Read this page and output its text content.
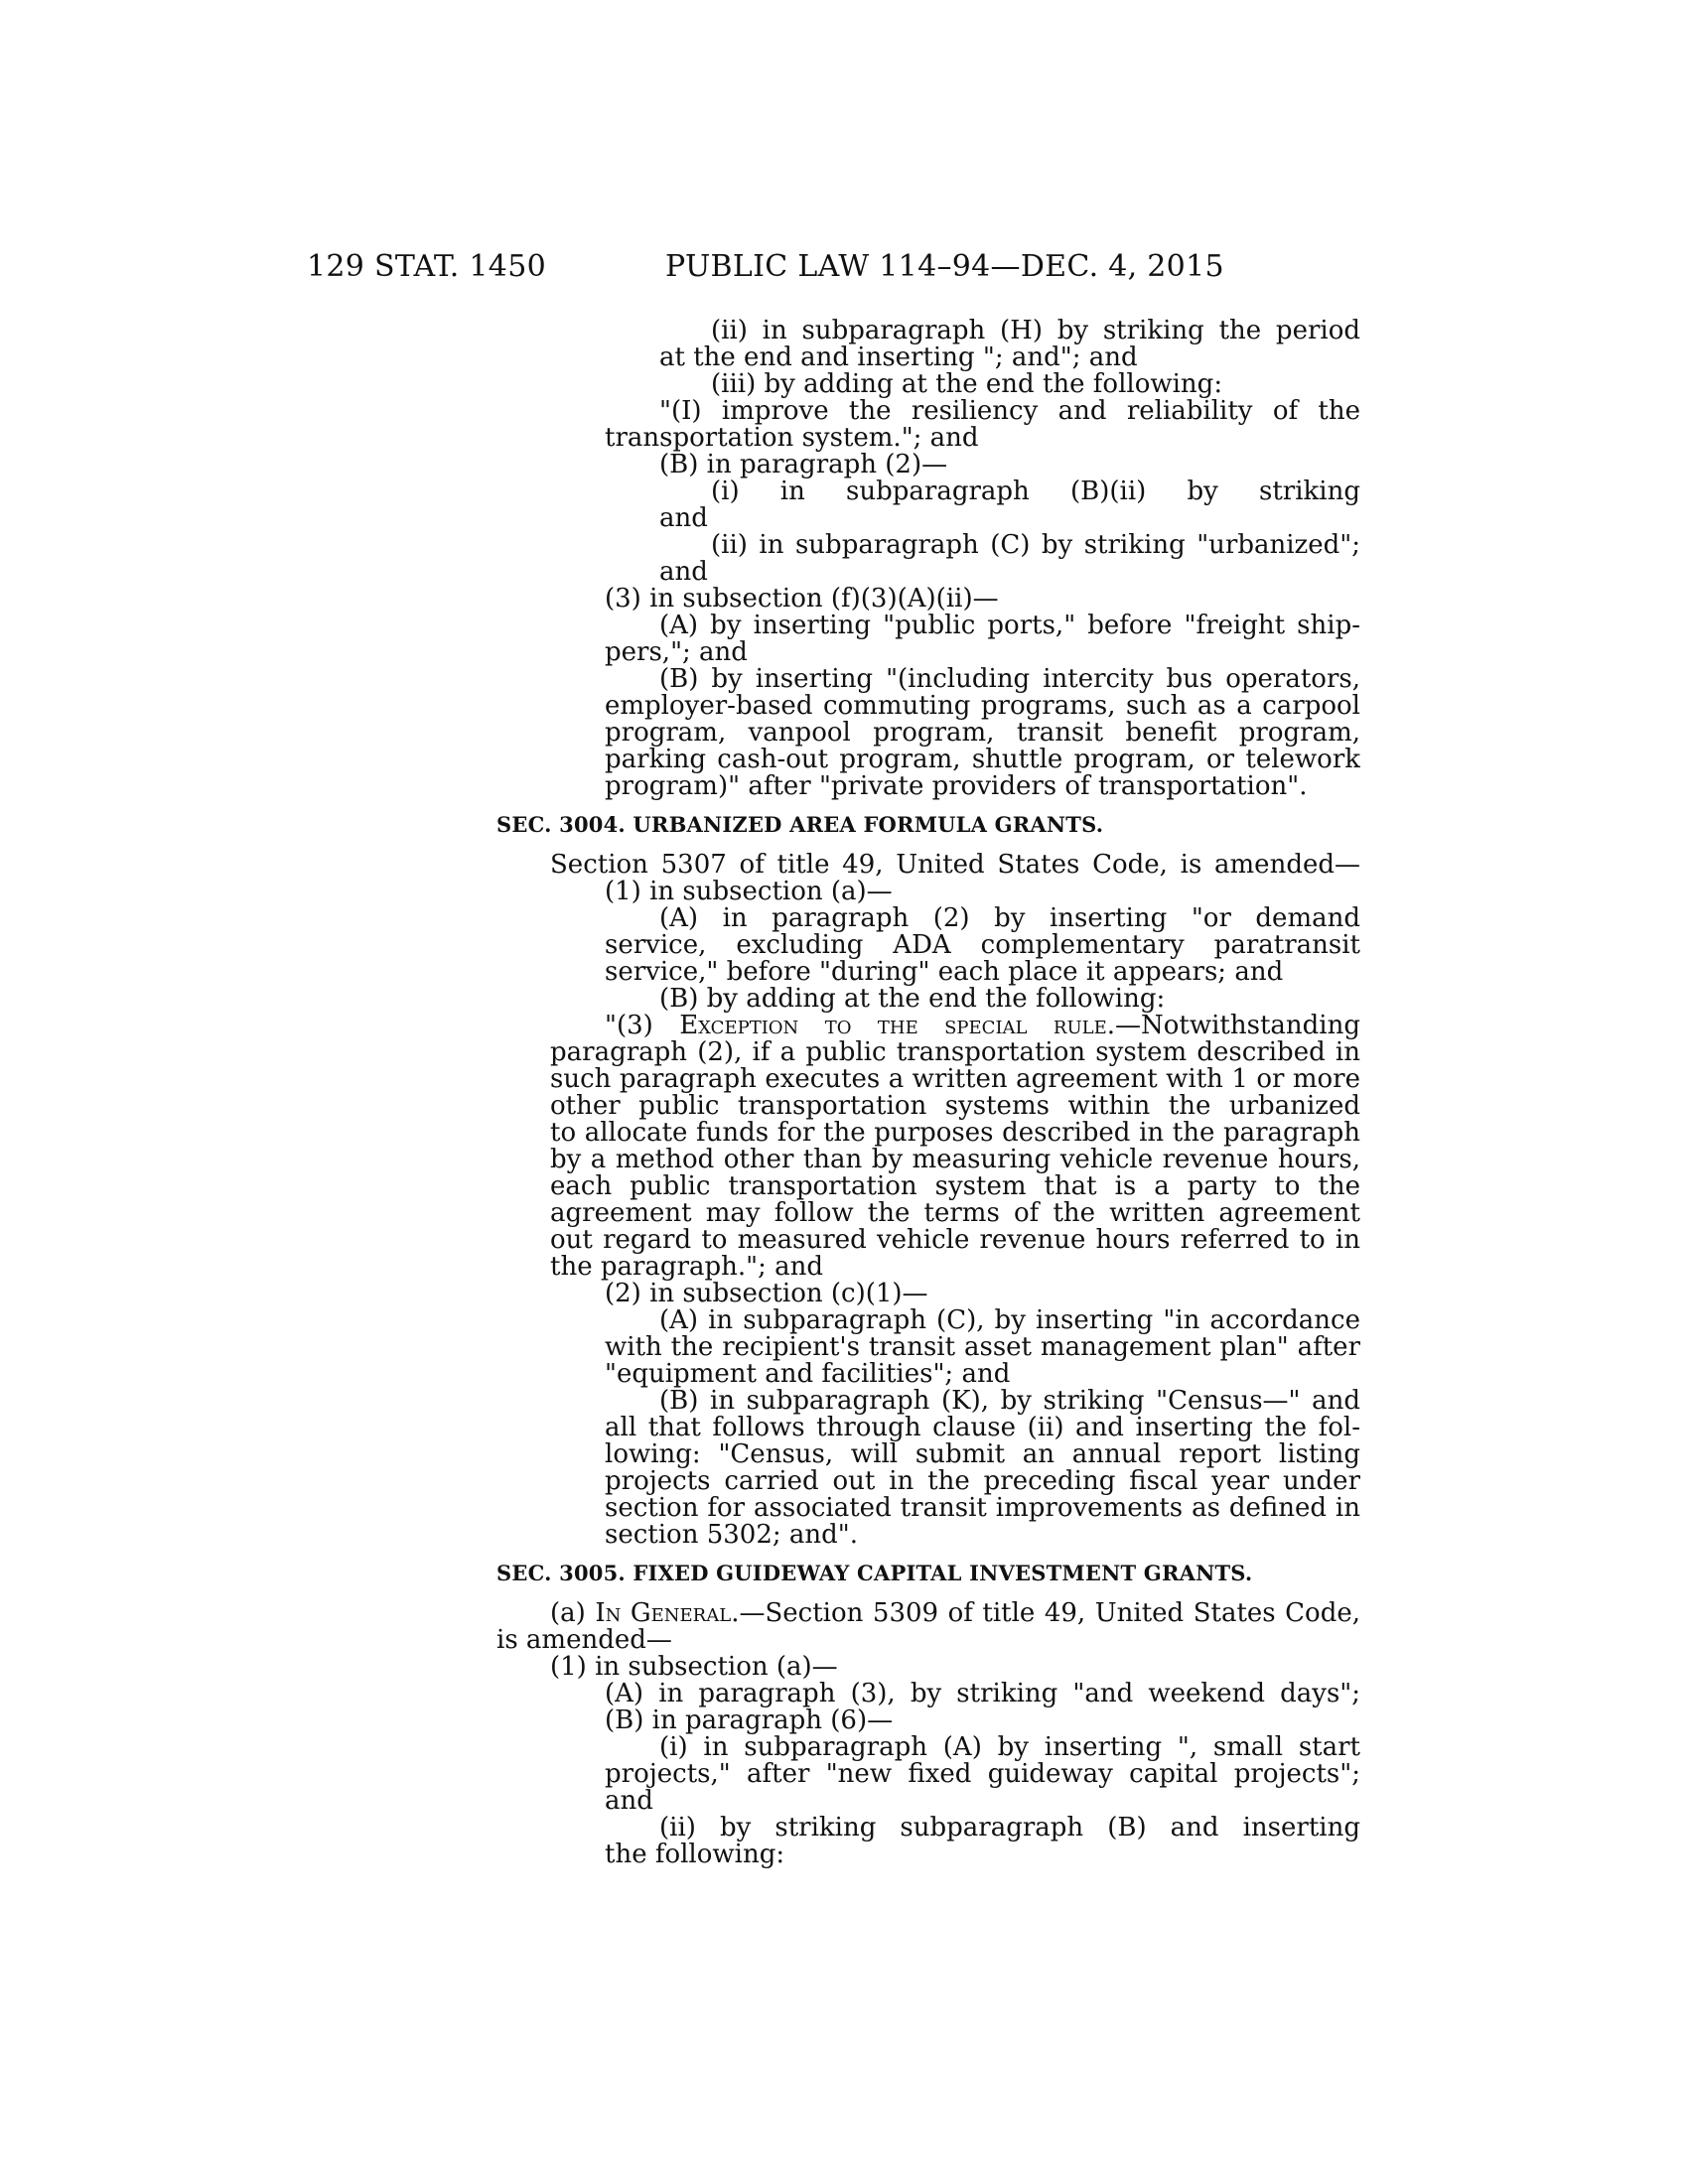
129 STAT. 1450	PUBLIC LAW 114–94—DEC. 4, 2015
(ii) in subparagraph (H) by striking the period
at the end and inserting "; and"; and
(iii) by adding at the end the following:
"(I) improve the resiliency and reliability of the
transportation system."; and
(B) in paragraph (2)—
(i) in subparagraph (B)(ii) by striking
and
(ii) in subparagraph (C) by striking "urbanized";
and
(3) in subsection (f)(3)(A)(ii)—
(A) by inserting "public ports," before "freight ship-
pers,"; and
(B) by inserting "(including intercity bus operators,
employer-based commuting programs, such as a carpool
program, vanpool program, transit benefit program,
parking cash-out program, shuttle program, or telework
program)" after "private providers of transportation".
SEC. 3004. URBANIZED AREA FORMULA GRANTS.
Section 5307 of title 49, United States Code, is amended—
(1) in subsection (a)—
(A) in paragraph (2) by inserting "or demand
service, excluding ADA complementary paratransit
service," before "during" each place it appears; and
(B) by adding at the end the following:
"(3) Exception to the special rule.—Notwithstanding
paragraph (2), if a public transportation system described in
such paragraph executes a written agreement with 1 or more
other public transportation systems within the urbanized
to allocate funds for the purposes described in the paragraph
by a method other than by measuring vehicle revenue hours,
each public transportation system that is a party to the
agreement may follow the terms of the written agreement
out regard to measured vehicle revenue hours referred to in
the paragraph."; and
(2) in subsection (c)(1)—
(A) in subparagraph (C), by inserting "in accordance
with the recipient's transit asset management plan" after
"equipment and facilities"; and
(B) in subparagraph (K), by striking "Census—" and
all that follows through clause (ii) and inserting the fol-
lowing: "Census, will submit an annual report listing
projects carried out in the preceding fiscal year under
section for associated transit improvements as defined in
section 5302; and".
SEC. 3005. FIXED GUIDEWAY CAPITAL INVESTMENT GRANTS.
(a) In General.—Section 5309 of title 49, United States Code,
is amended—
(1) in subsection (a)—
(A) in paragraph (3), by striking "and weekend days";
(B) in paragraph (6)—
(i) in subparagraph (A) by inserting ", small start
projects," after "new fixed guideway capital projects";
and
(ii) by striking subparagraph (B) and inserting
the following:
